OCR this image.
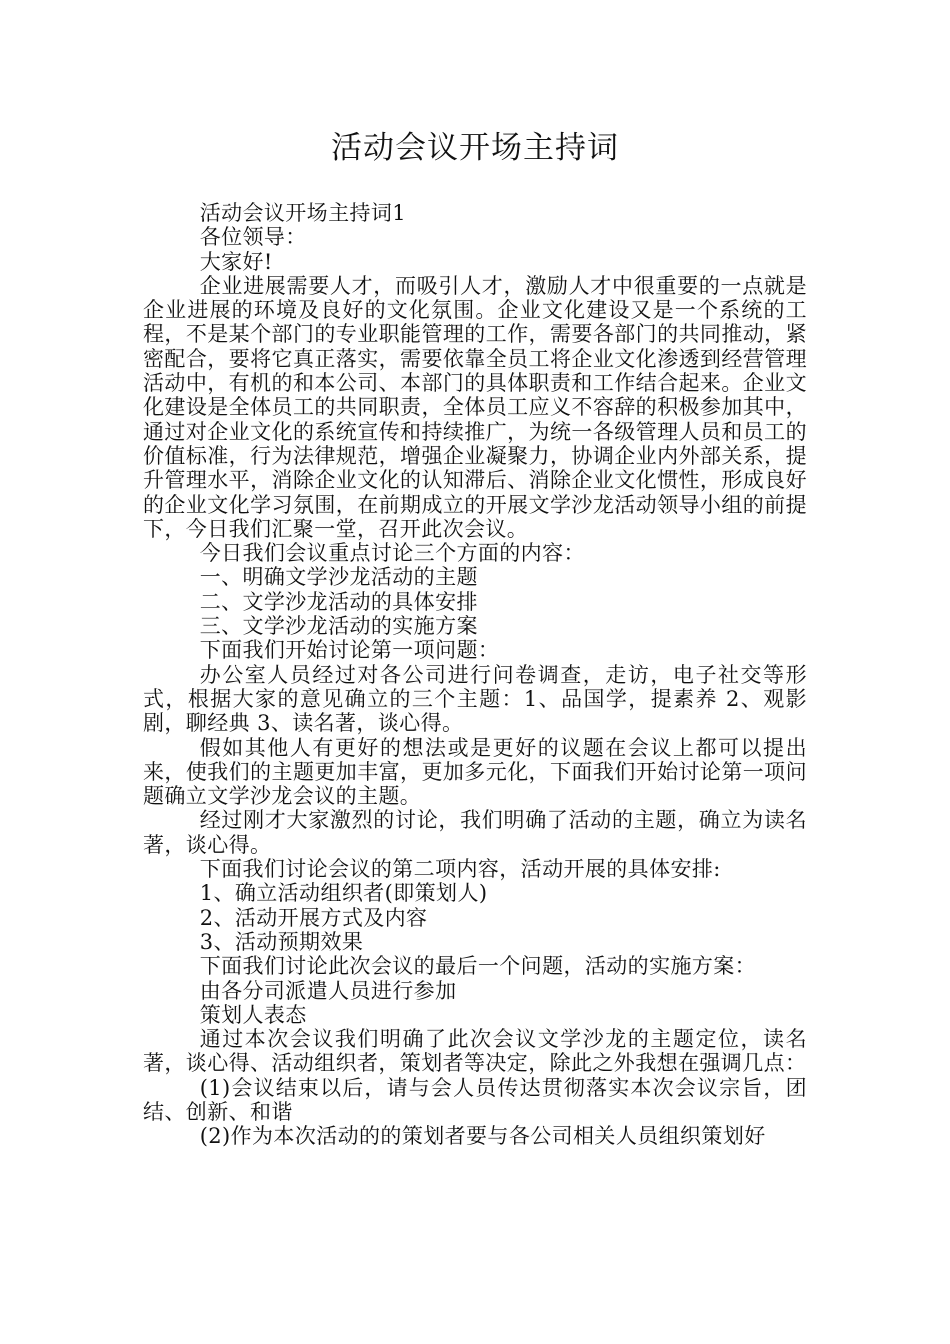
活动会议开场主持词

活动会议开场主持词1

各位领导：

大家好!

企业进展需要人才，而吸引人才，激励人才中很重要的一点就是企业进展的环境及良好的文化氛围。企业文化建设又是一个系统的工程，不是某个部门的专业职能管理的工作，需要各部门的共同推动，紧密配合，要将它真正落实，需要依靠全员工将企业文化渗透到经营管理活动中，有机的和本公司、本部门的具体职责和工作结合起来。企业文化建设是全体员工的共同职责，全体员工应义不容辞的积极参加其中，通过对企业文化的系统宣传和持续推广，为统一各级管理人员和员工的价值标准，行为法律规范，增强企业凝聚力，协调企业内外部关系，提升管理水平，消除企业文化的认知滞后、消除企业文化惯性，形成良好的企业文化学习氛围，在前期成立的开展文学沙龙活动领导小组的前提下，今日我们汇聚一堂，召开此次会议。

今日我们会议重点讨论三个方面的内容：

一、明确文学沙龙活动的主题

二、文学沙龙活动的具体安排

三、文学沙龙活动的实施方案

下面我们开始讨论第一项问题：

办公室人员经过对各公司进行问卷调查，走访，电子社交等形式，根据大家的意见确立的三个主题：1、品国学，提素养 2、观影剧，聊经典 3、读名著，谈心得。

假如其他人有更好的想法或是更好的议题在会议上都可以提出来，使我们的主题更加丰富，更加多元化，下面我们开始讨论第一项问题确立文学沙龙会议的主题。

经过刚才大家激烈的讨论，我们明确了活动的主题，确立为读名著，谈心得。

下面我们讨论会议的第二项内容，活动开展的具体安排:

1、确立活动组织者(即策划人)

2、活动开展方式及内容

3、活动预期效果

下面我们讨论此次会议的最后一个问题，活动的实施方案：

由各分司派遣人员进行参加

策划人表态

通过本次会议我们明确了此次会议文学沙龙的主题定位，读名著，谈心得、活动组织者，策划者等决定，除此之外我想在强调几点：

(1)会议结束以后，请与会人员传达贯彻落实本次会议宗旨，团结、创新、和谐

(2)作为本次活动的的策划者要与各公司相关人员组织策划好
